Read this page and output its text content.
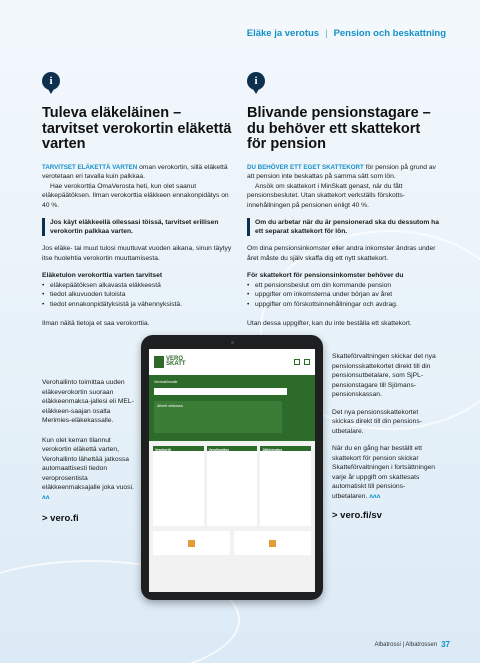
Eläke ja verotus | Pension och beskattning
i	i
Tuleva eläkeläinen – tarvitset verokortin eläkettä varten
TARVITSET ELÄKETTÄ VARTEN oman verokortin, sillä eläkettä verotetaan eri tavalla kuin palkkaa.
Hae verokorttia OmaVerosta heti, kun olet saanut eläkepäätöksen. Ilman verokorttia eläkkeen ennakonpidätys on 40 %.
Jos käyt eläkkeellä ollessasi töissä, tarvitset erillisen verokortin palkkaa varten.
Jos eläke- tai muut tulosi muuttuvat vuoden aikana, sinun täytyy itse huolehtia verokortin muuttamisesta.
Eläketulon verokorttia varten tarvitset
• eläkepäätöksen alkavasta eläkkeestä
• tiedot alkuvuoden tuloista
• tiedot ennakonpidätyksistä ja vähennyksistä.
Ilman näitä tietoja et saa verokorttia.
Verohallinto toimittaa uuden eläkeverokortin suoraan eläkkeenmaksa-jallesi eli MEL-eläkkeen-saajan osalta Merimies-eläkekassalle.
Kun olet kerran tilannut verokortin eläkettä varten, Verohallinto lähettää jatkossa automaattisesti tiedon veroprosentista eläkkeenmaksajalle joka vuosi. ʌʌ
> vero.fi
Blivande pensionstagare – du behöver ett skattekort för pension
DU BEHÖVER ETT EGET SKATTEKORT för pension på grund av att pension inte beskattas på samma sätt som lön.
Ansök om skattekort i MinSkatt genast, när du fått pensionsbeslutet. Utan skattekort verkställs förskotts-innehållningen på pensionen enligt 40 %.
Om du arbetar när du är pensionerad ska du dessutom ha ett separat skattekort för lön.
Om dina pensionsinkomster eller andra inkomster ändras under året måste du själv skaffa dig ett nytt skattekort.
För skattekort för pensionsinkomster behöver du
• ett pensionsbeslut om din kommande pension
• uppgifter om inkomsterna under början av året
• uppgifter om förskottsinnehållningar och avdrag.
Utan dessa uppgifter, kan du inte beställa ett skattekort.
Skatteförvaltningen skickar det nya pensionsskattekortet direkt till din pensionsutbetalare, som SjPL-pensionstagare till Sjömans-pensionskassan.
Det nya pensionsskattekortet skickas direkt till din pensions-utbetalare.
När du en gång har beställt ett skattekort för pension skickar Skatteförvaltningen i fortsättningen varje år uppgift om skattesats automatiskt till pensions-utbetalaren. ʌʌʌ
> vero.fi/sv
VERO
SKATT
Verohallinnolle
Aiheet verkossa
Verokortti	Veroilmoitus	Jälkiverotus
Albatrossi | Albatrossen 37
